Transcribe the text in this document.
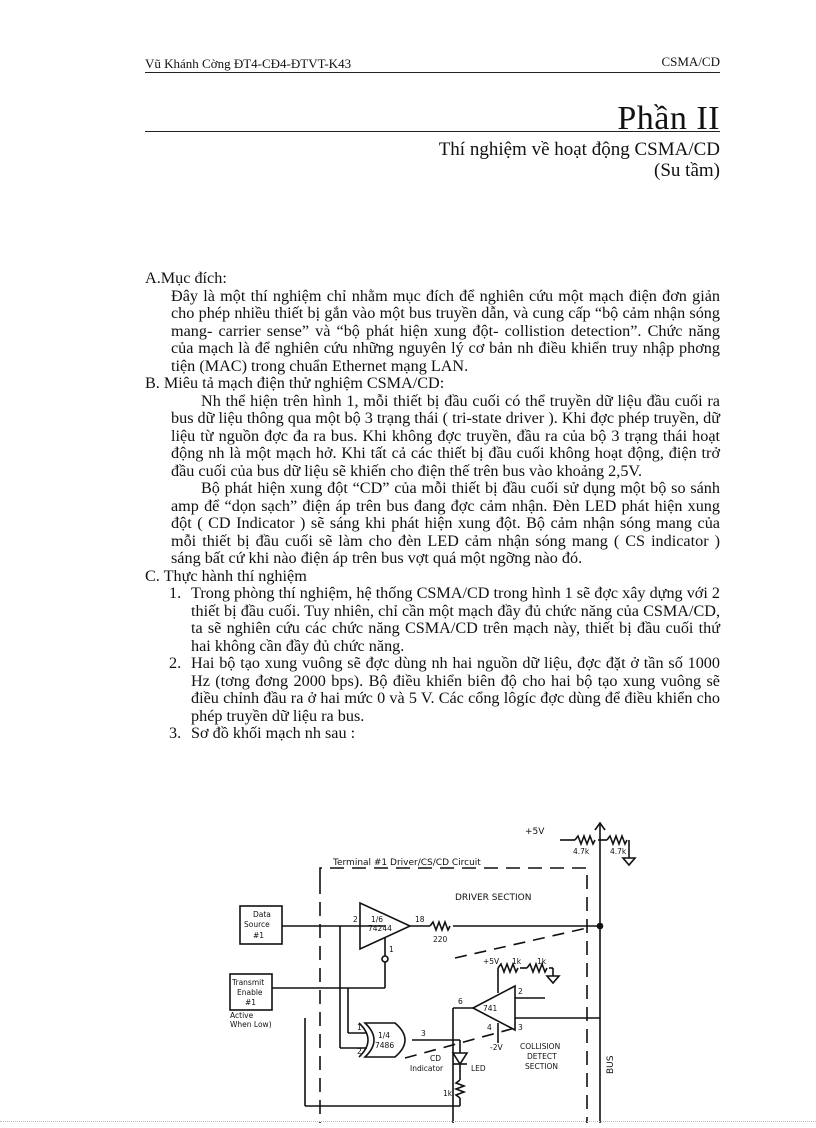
Vũ Khánh Cờng ĐT4-CĐ4-ĐTVT-K43	CSMA/CD
Phần II
Thí nghiệm về hoạt động CSMA/CD
(Su tầm)

A.Mục đích:

Đây là một thí nghiệm chỉ nhằm mục đích để nghiên cứu một mạch điện đơn giản cho phép nhiều thiết bị gắn vào một bus truyền dẫn, và cung cấp “bộ cảm nhận sóng mang- carrier sense” và “bộ phát hiện xung đột- collistion detection”. Chức năng của mạch là để nghiên cứu những nguyên lý cơ bản nh điều khiển truy nhập phơng tiện (MAC) trong chuẩn Ethernet mạng LAN.

B. Miêu tả mạch điện thử nghiệm CSMA/CD:

Nh thể hiện trên hình 1, mỗi thiết bị đầu cuối có thể truyền dữ liệu đầu cuối ra bus dữ liệu thông qua một bộ 3 trạng thái ( tri-state driver ). Khi đợc phép truyền, dữ liệu từ nguồn đợc đa ra bus. Khi không đợc truyền, đầu ra của bộ 3 trạng thái hoạt động nh là một mạch hở. Khi tất cả các thiết bị đầu cuối không hoạt động, điện trở đầu cuối của bus dữ liệu sẽ khiến cho điện thế trên bus vào khoảng 2,5V.

Bộ phát hiện xung đột “CD” của mỗi thiết bị đầu cuối sử dụng một bộ so sánh amp để “dọn sạch” điện áp trên bus đang đợc cảm nhận. Đèn LED phát hiện xung đột ( CD Indicator ) sẽ sáng khi phát hiện xung đột. Bộ cảm nhận sóng mang của mỗi thiết bị đầu cuối sẽ làm cho đèn LED cảm nhận sóng mang ( CS indicator ) sáng bất cứ khi nào điện áp trên bus vợt quá một ngỡng nào đó.

C. Thực hành thí nghiệm

1. Trong phòng thí nghiệm, hệ thống CSMA/CD trong hình 1 sẽ đợc xây dựng với 2 thiết bị đầu cuối. Tuy nhiên, chỉ cần một mạch đầy đủ chức năng của CSMA/CD, ta sẽ nghiên cứu các chức năng CSMA/CD trên mạch này, thiết bị đầu cuối thứ hai không cần đầy đủ chức năng.
2. Hai bộ tạo xung vuông sẽ đợc dùng nh hai nguồn dữ liệu, đợc đặt ở tần số 1000 Hz (tơng đơng 2000 bps). Bộ điều khiển biên độ cho hai bộ tạo xung vuông sẽ điều chỉnh đầu ra ở hai mức 0 và 5 V. Các cổng lôgíc đợc dùng để điều khiển cho phép truyền dữ liệu ra bus.
3. Sơ đồ khối mạch nh sau :
+5V
4.7k	4.7k
Terminal #1 Driver/CS/CD Circuit
DRIVER SECTION
Data
Source
#1
Transmit
Enable
#1
Active
When Low)
1/6
74244
2	18
1
220
+5V 1k 1k
741
6
2
4	3
-2V COLLISION
DETECT
SECTION
1/4
7486
1
2
3
CD
Indicator	LED
1k
BUS
